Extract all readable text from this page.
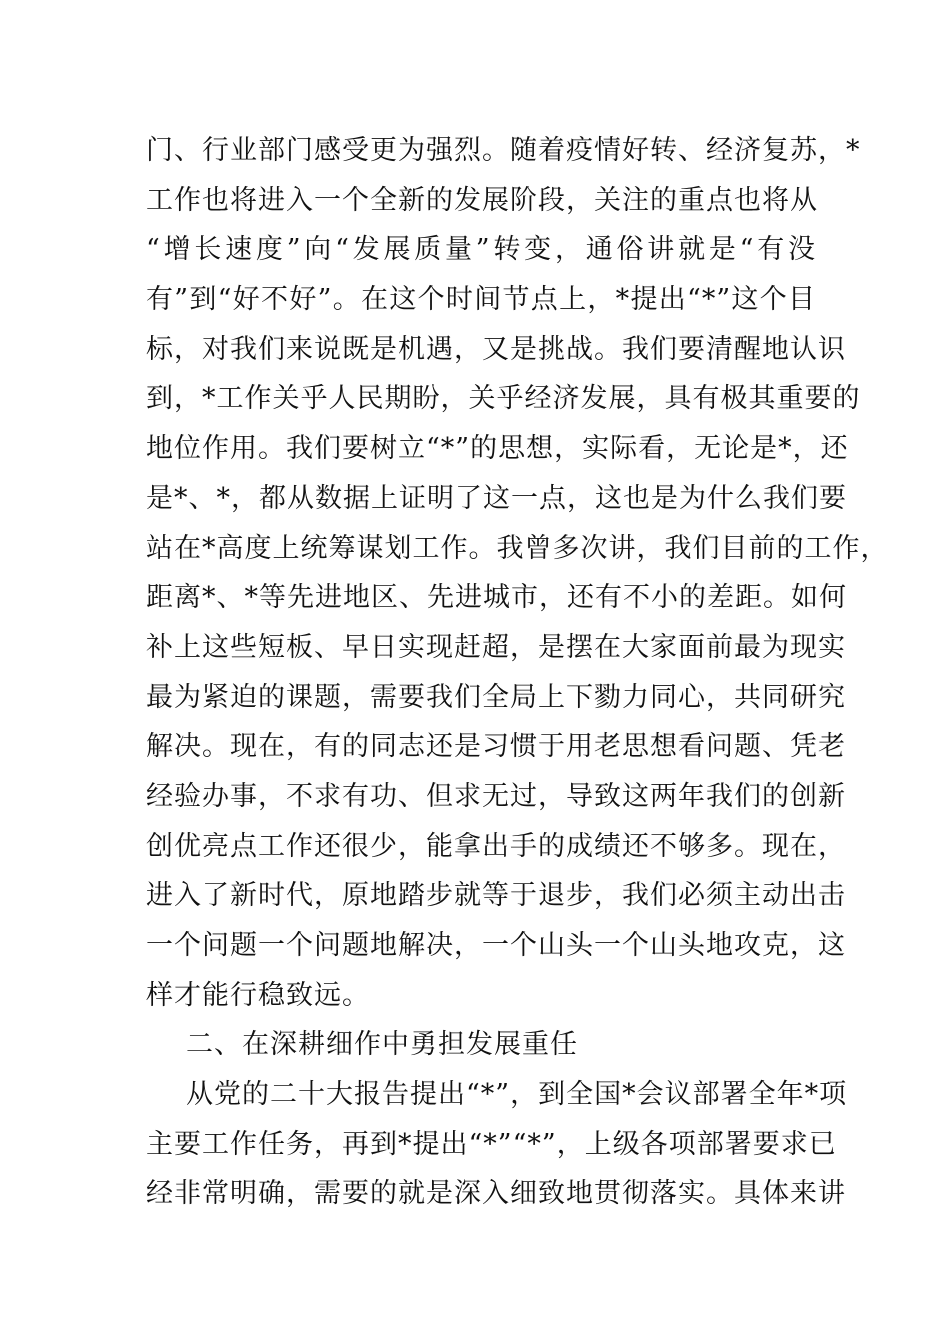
门、行业部门感受更为强烈。随着疫情好转、经济复苏，*
工作也将进入一个全新的发展阶段，关注的重点也将从
“增长速度”向“发展质量”转变，通俗讲就是“有没
有”到“好不好”。在这个时间节点上，*提出“*”这个目
标，对我们来说既是机遇，又是挑战。我们要清醒地认识
到，*工作关乎人民期盼，关乎经济发展，具有极其重要的
地位作用。我们要树立“*”的思想，实际看，无论是*，还
是*、*，都从数据上证明了这一点，这也是为什么我们要
站在*高度上统筹谋划工作。我曾多次讲，我们目前的工作，
距离*、*等先进地区、先进城市，还有不小的差距。如何
补上这些短板、早日实现赶超，是摆在大家面前最为现实
最为紧迫的课题，需要我们全局上下勠力同心，共同研究
解决。现在，有的同志还是习惯于用老思想看问题、凭老
经验办事，不求有功、但求无过，导致这两年我们的创新
创优亮点工作还很少，能拿出手的成绩还不够多。现在，
进入了新时代，原地踏步就等于退步，我们必须主动出击
一个问题一个问题地解决，一个山头一个山头地攻克，这
样才能行稳致远。
二、在深耕细作中勇担发展重任
从党的二十大报告提出“*”，到全国*会议部署全年*项
主要工作任务，再到*提出“*”“*”，上级各项部署要求已
经非常明确，需要的就是深入细致地贯彻落实。具体来讲
